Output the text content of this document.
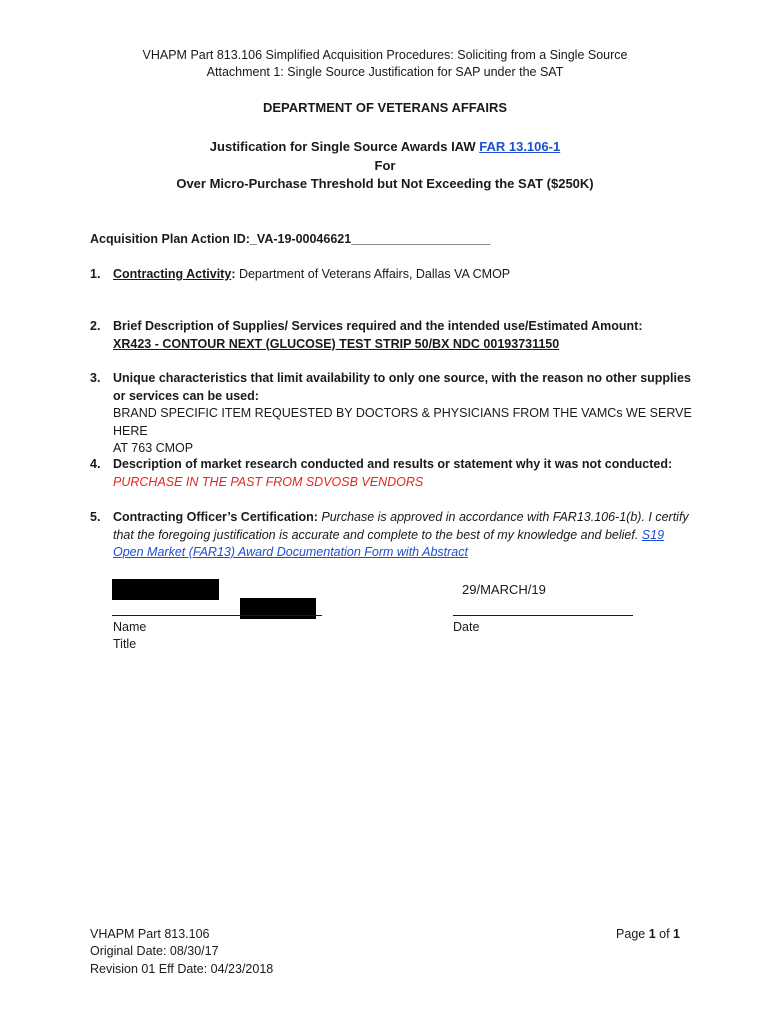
VHAPM Part 813.106 Simplified Acquisition Procedures: Soliciting from a Single Source
Attachment 1: Single Source Justification for SAP under the SAT
DEPARTMENT OF VETERANS AFFAIRS
Justification for Single Source Awards IAW FAR 13.106-1
For
Over Micro-Purchase Threshold but Not Exceeding the SAT ($250K)
Acquisition Plan Action ID:_VA-19-00046621____________________
1.	Contracting Activity: Department of Veterans Affairs, Dallas VA CMOP
2.	Brief Description of Supplies/ Services required and the intended use/Estimated Amount:
XR423 - CONTOUR NEXT (GLUCOSE) TEST STRIP 50/BX NDC 00193731150
3.	Unique characteristics that limit availability to only one source, with the reason no other supplies
or services can be used:
BRAND SPECIFIC ITEM REQUESTED BY DOCTORS & PHYSICIANS FROM THE VAMCs WE SERVE HERE
AT 763 CMOP
4.	Description of market research conducted and results or statement why it was not conducted:
PURCHASE IN THE PAST FROM SDVOSB VENDORS
5.	Contracting Officer’s Certification: Purchase is approved in accordance with FAR13.106-1(b). I certify
that the foregoing justification is accurate and complete to the best of my knowledge and belief. S19
Open Market (FAR13) Award Documentation Form with Abstract
29/MARCH/19
Name
Title
Date
VHAPM Part 813.106
Original Date: 08/30/17
Revision 01 Eff Date: 04/23/2018
Page 1 of 1
